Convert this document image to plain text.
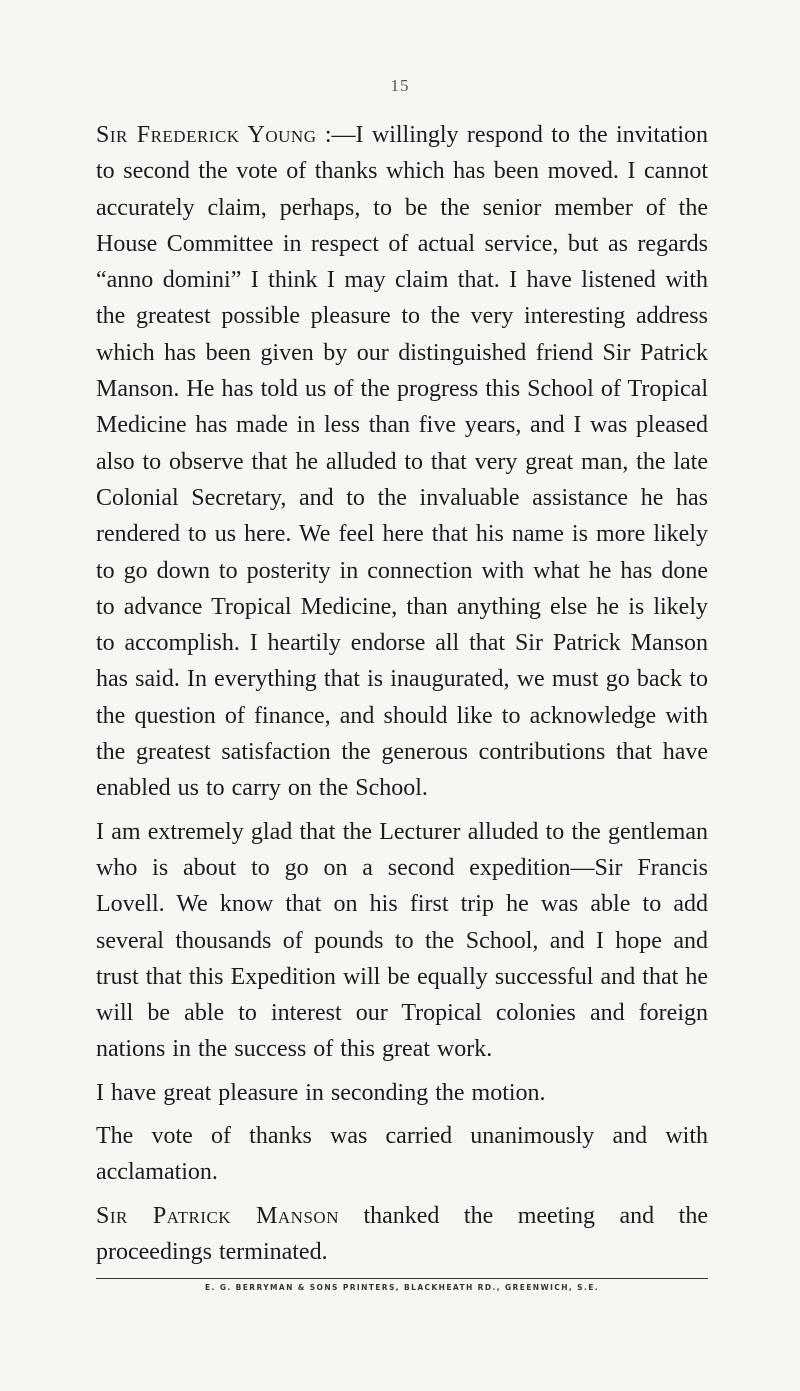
15

Sir Frederick Young :—I willingly respond to the invitation to second the vote of thanks which has been moved. I cannot accurately claim, perhaps, to be the senior member of the House Committee in respect of actual service, but as regards “anno domini” I think I may claim that. I have listened with the greatest possible pleasure to the very interesting address which has been given by our distinguished friend Sir Patrick Manson. He has told us of the progress this School of Tropical Medicine has made in less than five years, and I was pleased also to observe that he alluded to that very great man, the late Colonial Secretary, and to the invaluable assistance he has rendered to us here. We feel here that his name is more likely to go down to posterity in connection with what he has done to advance Tropical Medicine, than anything else he is likely to accomplish. I heartily endorse all that Sir Patrick Manson has said. In everything that is inaugurated, we must go back to the question of finance, and should like to acknowledge with the greatest satisfaction the generous contributions that have enabled us to carry on the School.

I am extremely glad that the Lecturer alluded to the gentleman who is about to go on a second expedition—Sir Francis Lovell. We know that on his first trip he was able to add several thousands of pounds to the School, and I hope and trust that this Expedition will be equally successful and that he will be able to interest our Tropical colonies and foreign nations in the success of this great work.

I have great pleasure in seconding the motion.

The vote of thanks was carried unanimously and with acclamation.

Sir Patrick Manson thanked the meeting and the proceedings terminated.

E. G. BERRYMAN & SONS PRINTERS, BLACKHEATH RD., GREENWICH, S.E.
